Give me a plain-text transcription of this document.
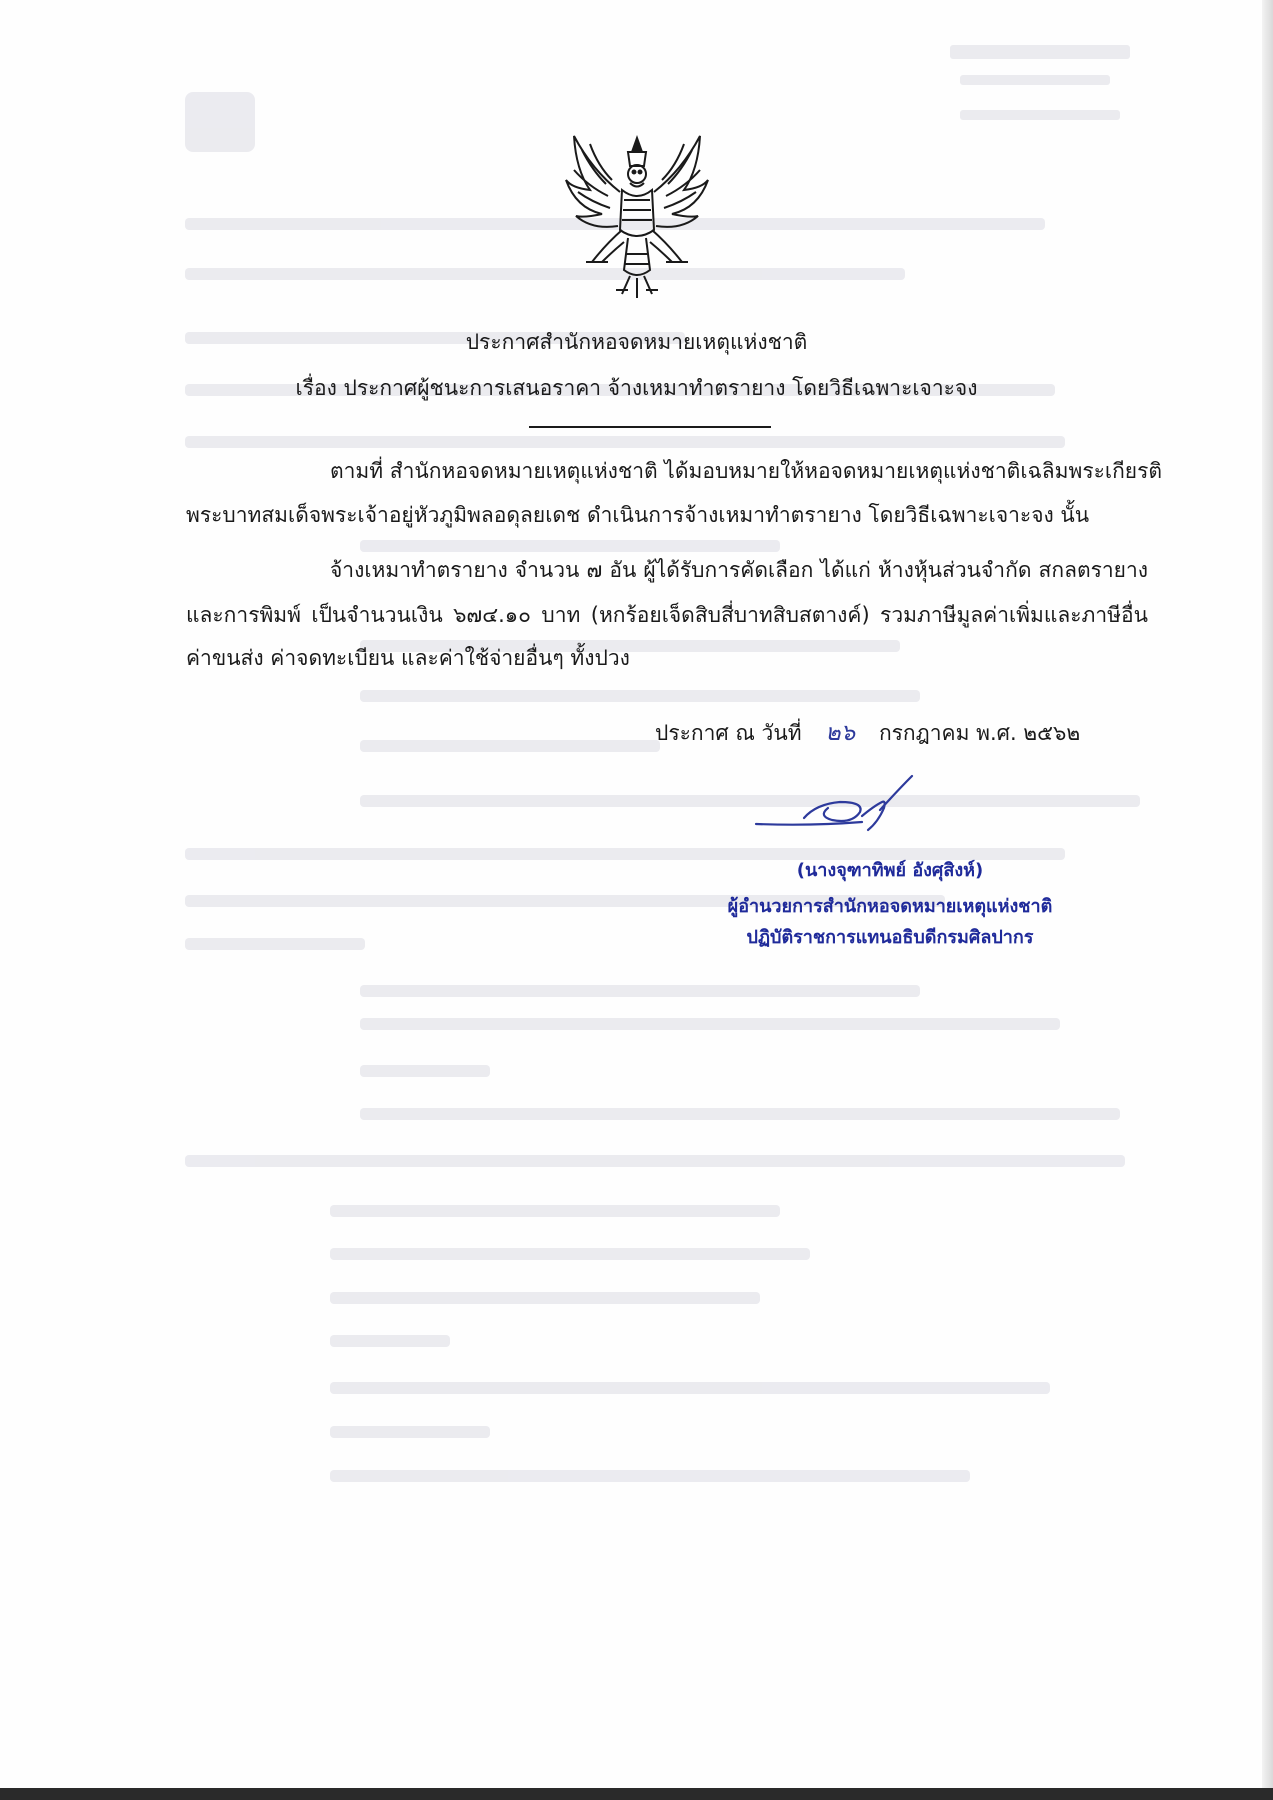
ประกาศสำนักหอจดหมายเหตุแห่งชาติ
เรื่อง ประกาศผู้ชนะการเสนอราคา จ้างเหมาทำตรายาง โดยวิธีเฉพาะเจาะจง
ตามที่ สำนักหอจดหมายเหตุแห่งชาติ ได้มอบหมายให้หอจดหมายเหตุแห่งชาติเฉลิมพระเกียรติ
พระบาทสมเด็จพระเจ้าอยู่หัวภูมิพลอดุลยเดช ดำเนินการจ้างเหมาทำตรายาง โดยวิธีเฉพาะเจาะจง นั้น
จ้างเหมาทำตรายาง จำนวน ๗ อัน ผู้ได้รับการคัดเลือก ได้แก่ ห้างหุ้นส่วนจำกัด สกลตรายาง
และการพิมพ์ เป็นจำนวนเงิน ๖๗๔.๑๐ บาท (หกร้อยเจ็ดสิบสี่บาทสิบสตางค์) รวมภาษีมูลค่าเพิ่มและภาษีอื่น
ค่าขนส่ง ค่าจดทะเบียน และค่าใช้จ่ายอื่นๆ ทั้งปวง
ประกาศ ณ วันที่ ๒๖ กรกฎาคม พ.ศ. ๒๕๖๒
(นางจุฑาทิพย์ อังศุสิงห์)
ผู้อำนวยการสำนักหอจดหมายเหตุแห่งชาติ
ปฏิบัติราชการแทนอธิบดีกรมศิลปากร
